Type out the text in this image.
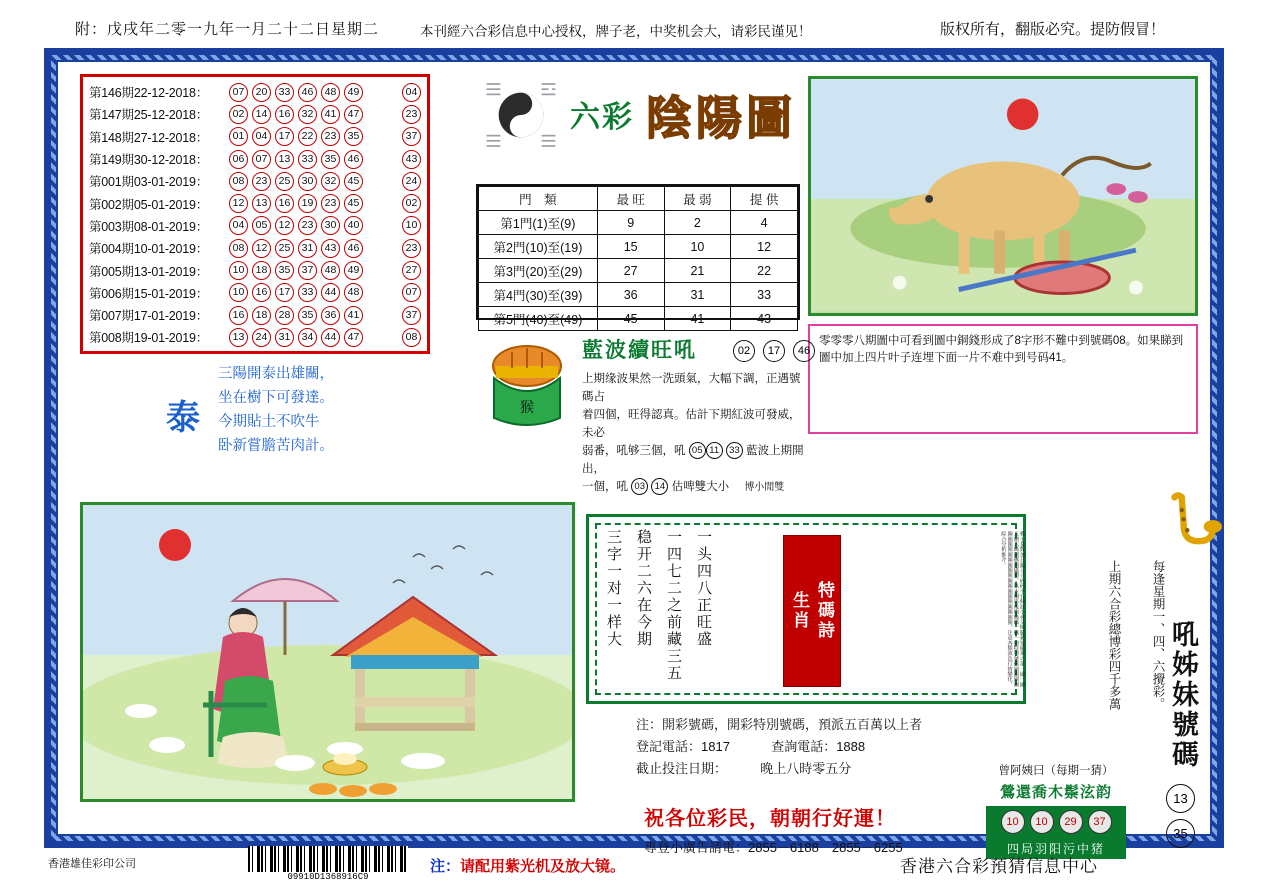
附：戊戌年二零一九年一月二十二日星期二	本刊經六合彩信息中心授权，牌子老，中奖机会大，请彩民谨见！	版权所有，翻版必究。提防假冒！
第146期22-12-2018：	07	20	33	46	48	49	04
第147期25-12-2018：	02	14	16	32	41	47	23
第148期27-12-2018：	01	04	17	22	23	35	37
第149期30-12-2018：	06	07	13	33	35	46	43
第001期03-01-2019：	08	23	25	30	32	45	24
第002期05-01-2019：	12	13	16	19	23	45	02
第003期08-01-2019：	04	05	12	23	30	40	10
第004期10-01-2019：	08	12	25	31	43	46	23
第005期13-01-2019：	10	18	35	37	48	49	27
第006期15-01-2019：	10	16	17	33	44	48	07
第007期17-01-2019：	16	18	28	35	36	41	37
第008期19-01-2019：	13	24	31	34	44	47	08
六彩 陰陽圖
門　類	最 旺	最 弱	提 供
第1門(1)至(9)	9	2	4
第2門(10)至(19)	15	10	12
第3門(20)至(29)	27	21	22
第4門(30)至(39)	36	31	33
第5門(40)至(49)	45	41	43

零零零八期圖中可看到圖中銅錢形成了8字形不難中到號碼08。如果睇到圖中加上四片叶子连埋下面一片不难中到号码41。

猴
藍波續旺吼	02	17	46
上期缘波果然一洗頭氣，大幅下調，正遇號碼占
着四個，旺得認真。估計下期紅波可發威，未必
弱番，吼够三個，吼 05 11 33 藍波上期開出，
一個，吼 03 14 估啤雙大小 博小閒雙
泰
三陽開泰出雄關，
坐在樹下可發達。
今期貼土不吹牛
卧新嘗膽苦肉計。
三字一对一样大 稳开二六在今期 一四七二之前藏三五 一头四八正旺盛	生肖 特碼詩	极小量数加日跟寻寻码码平台個波小會又斯腿新要圍素の第一圍一圍五圍六碼圍碼圍碼圍，以本期馬後炮碼碼一碼一圍特別號碼圍圍圍圍圍圍圍圍圍圍圍圍圍圍圍圍圍圍圍圍圍圍，注意各類波色行情變化，綜合分析推介。
注：開彩號碼，開彩特別號碼，預派五百萬以上者
登記電話：1817	查詢電話：1888
截止投注日期：	晚上八時零五分
祝各位彩民，朝朝行好運！
專登小廣告請電：2855－6188　2855－6255
每逢星期一、四、六攪彩。
上期六合彩總博彩四千多萬 吼姊妹號碼
13
35
曾阿姨曰（每期一猜）
鶯還喬木鬃泫韵
10	10	29	37
四局羽阳污中猪
香港雄佳彩印公司
09910D1368916C9
注：请配用紫光机及放大镜。	香港六合彩預猜信息中心
